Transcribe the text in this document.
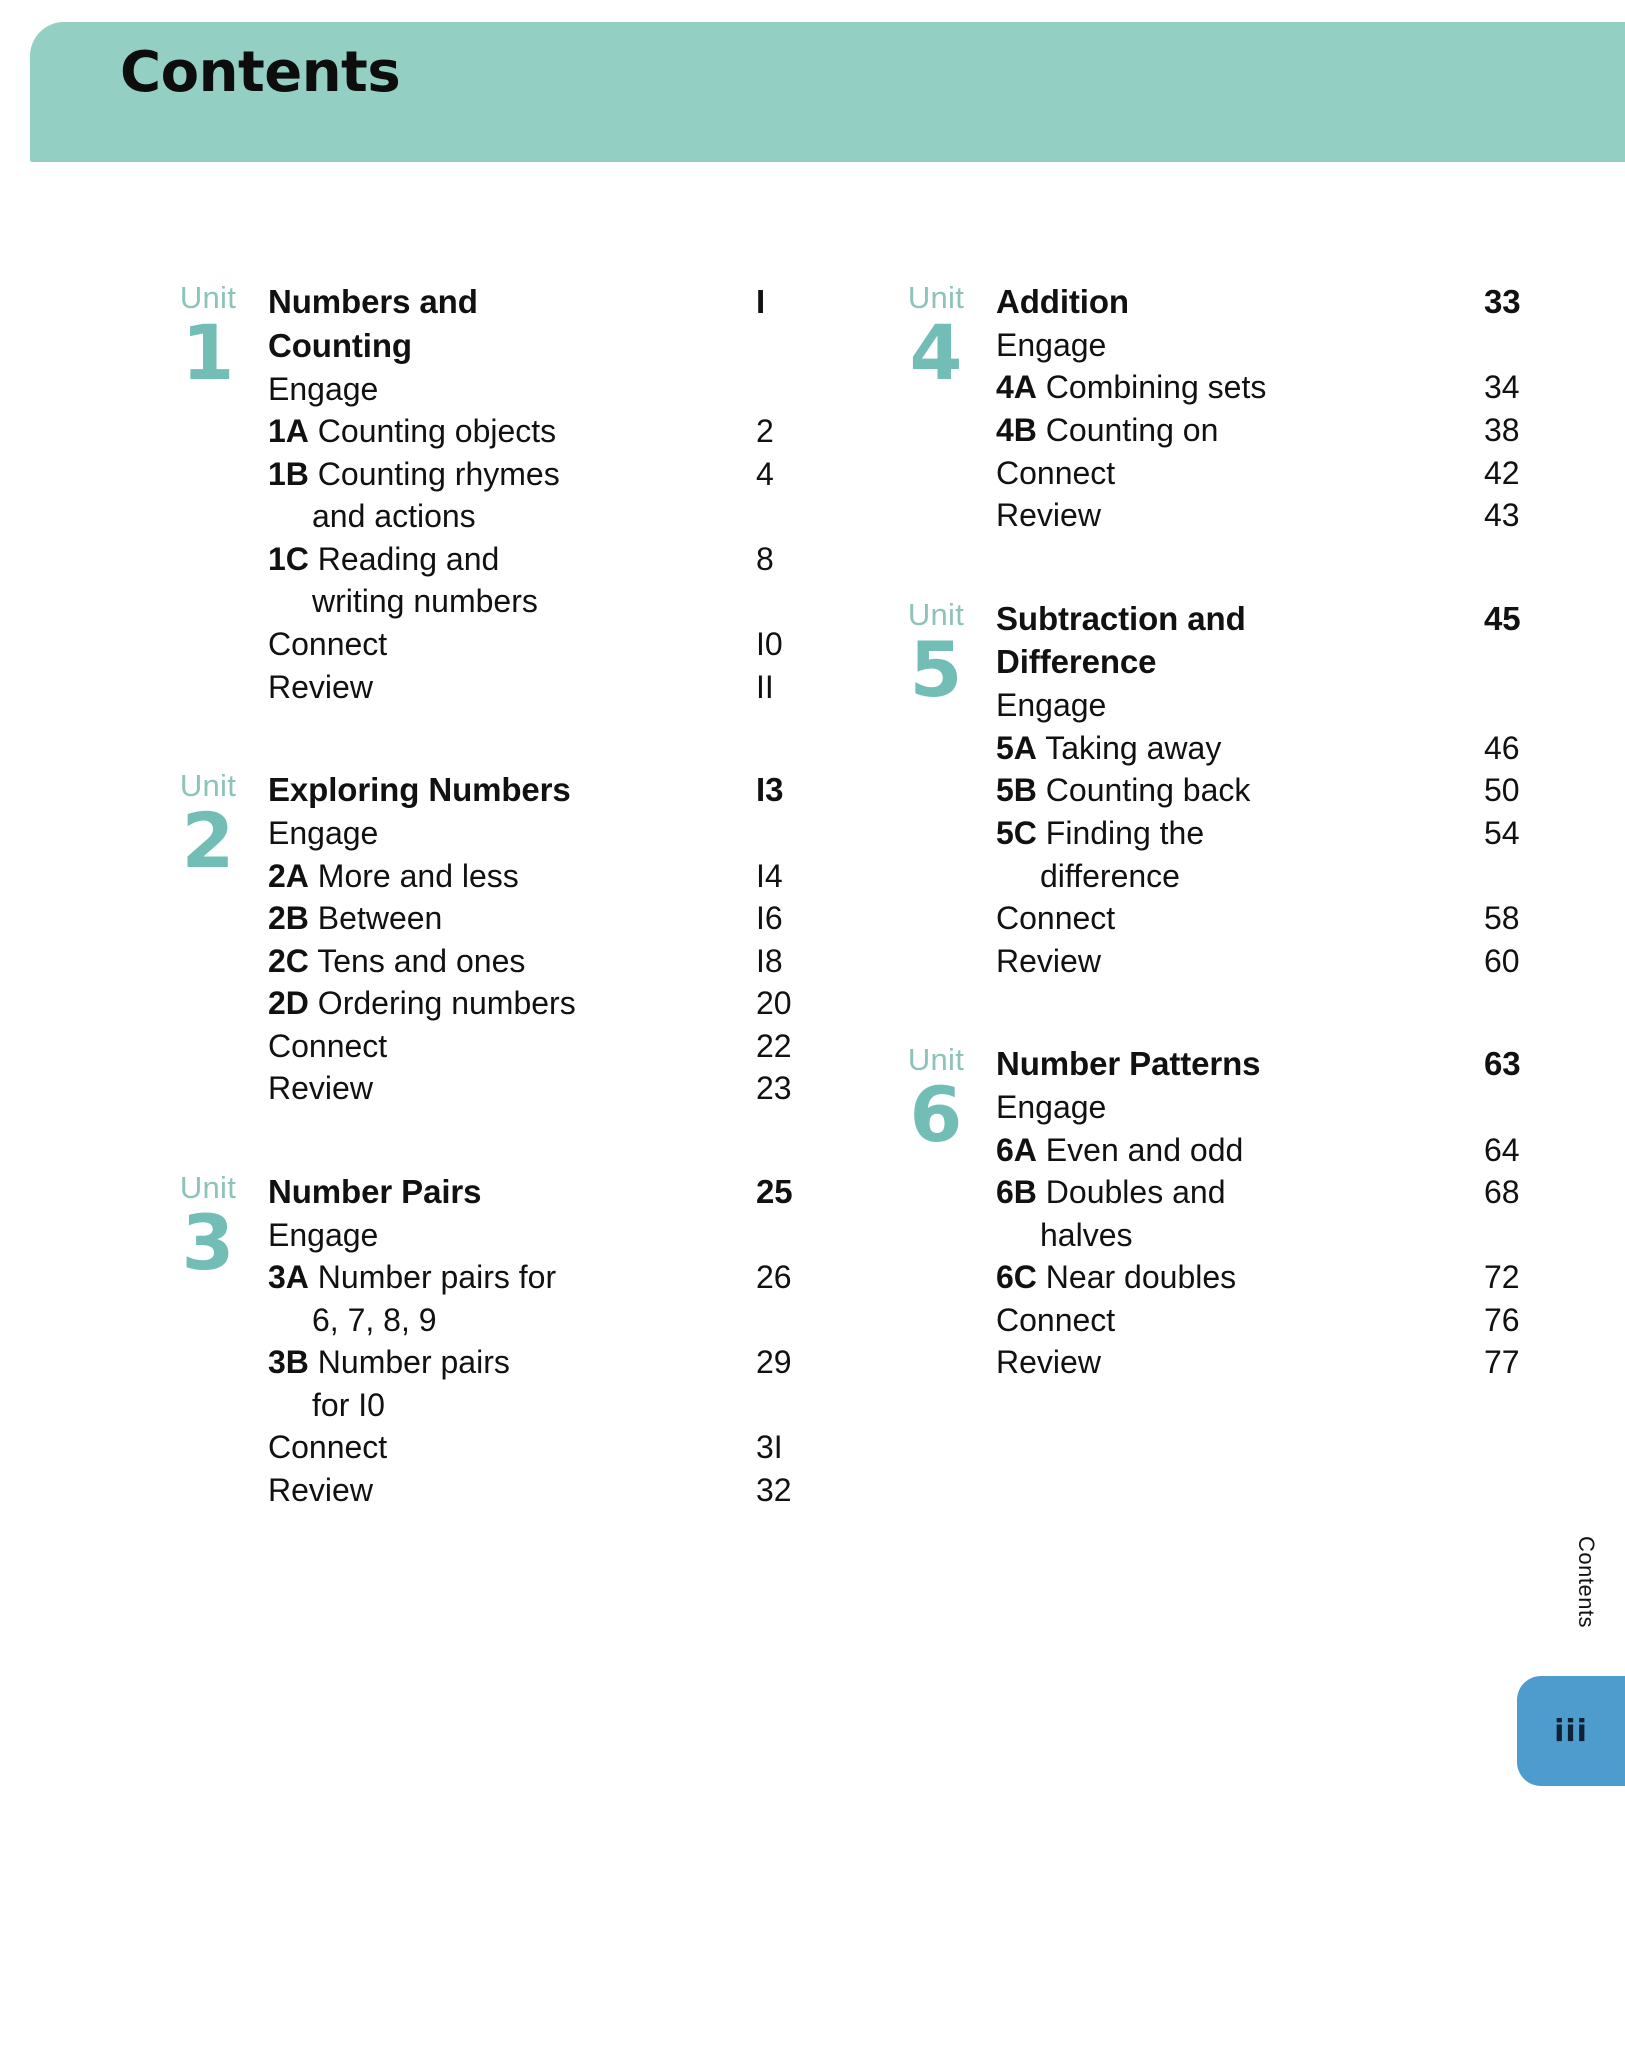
Contents
Unit
1
Numbers and	I
Counting
Engage
1A Counting objects	2
1B Counting rhymes	4
and actions
1C Reading and	8
writing numbers
Connect	I0
Review	II
Unit
2
Exploring Numbers	I3
Engage
2A More and less	I4
2B Between	I6
2C Tens and ones	I8
2D Ordering numbers	20
Connect	22
Review	23
Unit
3
Number Pairs	25
Engage
3A Number pairs for	26
6, 7, 8, 9
3B Number pairs	29
for I0
Connect	3I
Review	32
Unit
4
Addition	33
Engage
4A Combining sets	34
4B Counting on	38
Connect	42
Review	43
Unit
5
Subtraction and	45
Difference
Engage
5A Taking away	46
5B Counting back	50
5C Finding the	54
difference
Connect	58
Review	60
Unit
6
Number Patterns	63
Engage
6A Even and odd	64
6B Doubles and	68
halves
6C Near doubles	72
Connect	76
Review	77
Contents
iii
